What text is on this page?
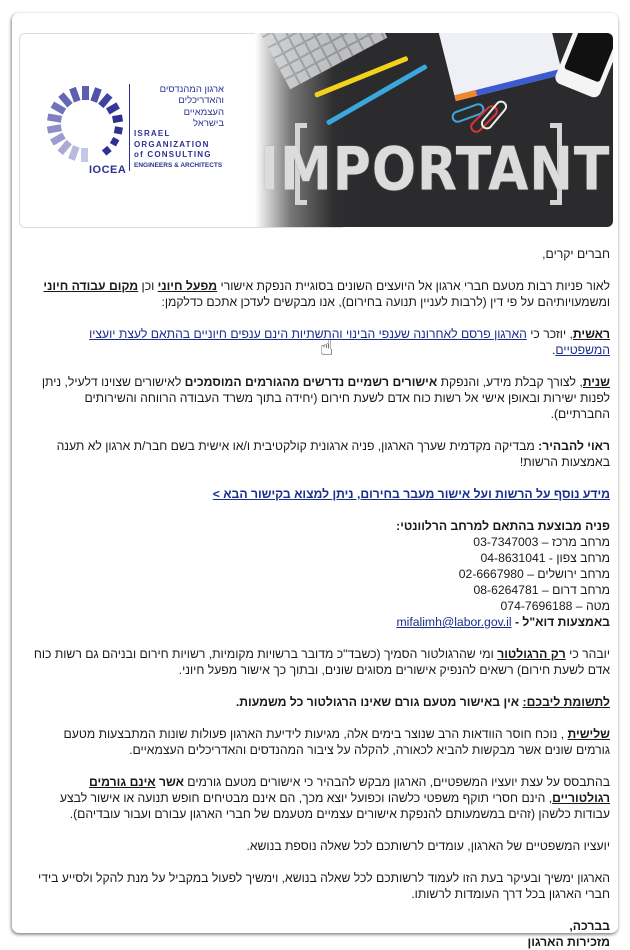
IMPORTANT
IOCEA
ארגון המהנדסים
והאדריכלים
העצמאיים
בישראל
ISRAEL
ORGANIZATION
of CONSULTING
ENGINEERS & ARCHITECTS

חברים יקרים,

לאור פניות רבות מטעם חברי ארגון אל היועצים השונים בסוגיית הנפקת אישורי מפעל חיוני וכן מקום עבודה חיוני ומשמעויותיהם על פי דין (לרבות לעניין תנועה בחירום), אנו מבקשים לעדכן אתכם כדלקמן:

ראשית, יוזכר כי הארגון פרסם לאחרונה שענפי הבינוי והתשתיות הינם ענפים חיוניים בהתאם לעצת יועציו המשפטיים.

שנית, לצורך קבלת מידע, והנפקת אישורים רשמיים נדרשים מהגורמים המוסמכים לאישורים שצוינו דלעיל, ניתן לפנות ישירות ובאופן אישי אל רשות כוח אדם לשעת חירום (יחידה בתוך משרד העבודה הרווחה והשירותים החברתיים).

ראוי להבהיר: מבדיקה מקדמית שערך הארגון, פניה ארגונית קולקטיבית ו/או אישית בשם חבר/ת ארגון לא תענה באמצעות הרשות!

מידע נוסף על הרשות ועל אישור מעבר בחירום, ניתן למצוא בקישור הבא >

פניה מבוצעת בהתאם למרחב הרלוונטי:
מרחב מרכז – 03-7347003
מרחב צפון - 04-8631041
מרחב ירושלים – 02-6667980
מרחב דרום – 08-6264781
מטה – 074-7696188
באמצעות דוא"ל - mifalimh@labor.gov.il

יובהר כי רק הרגולטור ומי שהרגולטור הסמיך (כשבד"כ מדובר ברשויות מקומיות, רשויות חירום ובניהם גם רשות כוח אדם לשעת חירום) רשאים להנפיק אישורים מסוגים שונים, ובתוך כך אישור מפעל חיוני.

לתשומת ליבכם: אין באישור מטעם גורם שאינו הרגולטור כל משמעות.

שלישית , נוכח חוסר הוודאות הרב שנוצר בימים אלה, מגיעות לידיעת הארגון פעולות שונות המתבצעות מטעם גורמים שונים אשר מבקשות להביא לכאורה, להקלה על ציבור המהנדסים והאדריכלים העצמאיים.

בהתבסס על עצת יועציו המשפטיים, הארגון מבקש להבהיר כי אישורים מטעם גורמים אשר אינם גורמים רגולטוריים, הינם חסרי תוקף משפטי כלשהו וכפועל יוצא מכך, הם אינם מבטיחים חופש תנועה או אישור לבצע עבודות כלשהן (זהים במשמעותם להנפקת אישורים עצמיים מטעמם של חברי הארגון עבורם ועבור עובדיהם).

יועציו המשפטיים של הארגון, עומדים לרשותכם לכל שאלה נוספת בנושא.

הארגון ימשיך ובעיקר בעת הזו לעמוד לרשותכם לכל שאלה בנושא, וימשיך לפעול במקביל על מנת להקל ולסייע בידי חברי הארגון בכל דרך העומדות לרשותו.

בברכה,
מזכירות הארגון
☝
